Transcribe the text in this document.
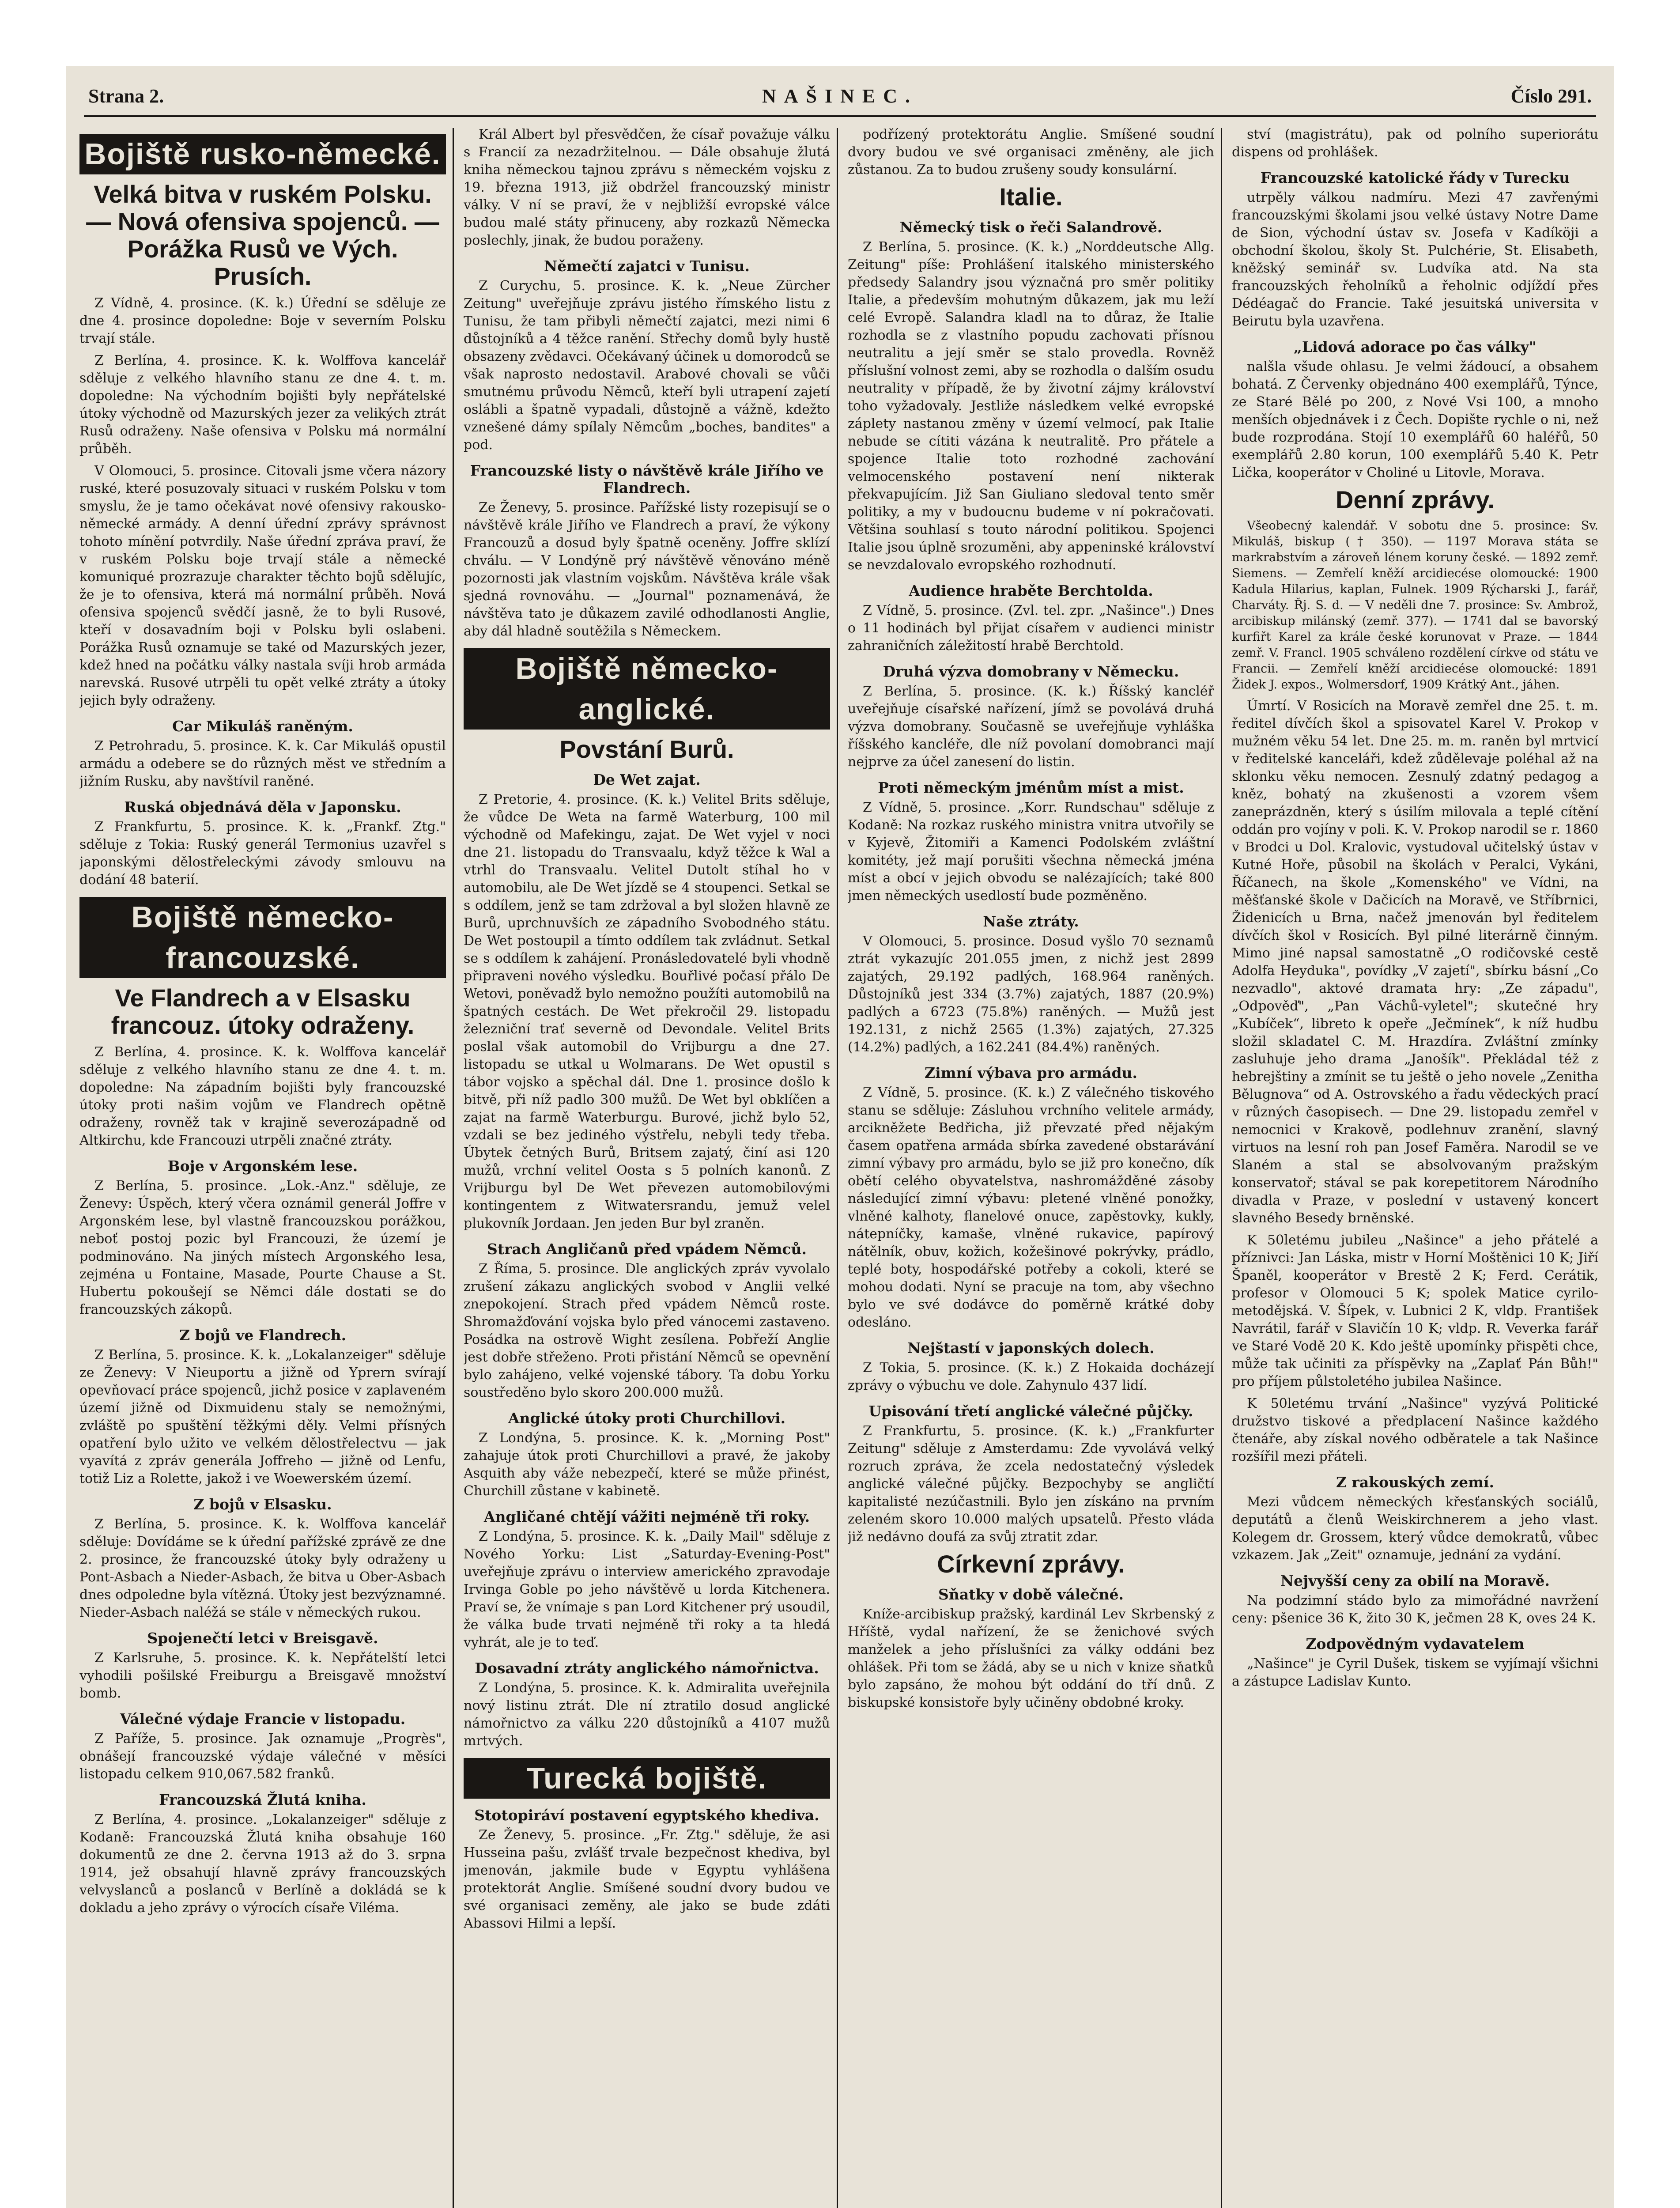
Strana 2.	NAŠINEC.	Číslo 291.
Bojiště rusko-německé.
Velká bitva v ruském Polsku. — Nová ofensiva spojenců. — Porážka Rusů ve Vých. Prusích.

Z Vídně, 4. prosince. (K. k.) Úřední se sděluje ze dne 4. prosince dopoledne: Boje v severním Polsku trvají stále.

Z Berlína, 4. prosince. K. k. Wolffova kancelář sděluje z velkého hlavního stanu ze dne 4. t. m. dopoledne: Na východním bojišti byly nepřátelské útoky východně od Mazurských jezer za velikých ztrát Rusů odraženy. Naše ofensiva v Polsku má normální průběh.

V Olomouci, 5. prosince. Citovali jsme včera názory ruské, které posuzovaly situaci v ruském Polsku v tom smyslu, že je tamo očekávat nové ofensivy rakousko-německé armády. A denní úřední zprávy správnost tohoto mínění potvrdily. Naše úřední zpráva praví, že v ruském Polsku boje trvají stále a německé komuniqué prozrazuje charakter těchto bojů sdělujíc, že je to ofensiva, která má normální průběh. Nová ofensiva spojenců svědčí jasně, že to byli Rusové, kteří v dosavadním boji v Polsku byli oslabeni. Porážka Rusů oznamuje se také od Mazurských jezer, kdež hned na počátku války nastala svíji hrob armáda narevská. Rusové utrpěli tu opět velké ztráty a útoky jejich byly odraženy.

Car Mikuláš raněným.

Z Petrohradu, 5. prosince. K. k. Car Mikuláš opustil armádu a odebere se do různých měst ve středním a jižním Rusku, aby navštívil raněné.

Ruská objednává děla v Japonsku.

Z Frankfurtu, 5. prosince. K. k. „Frankf. Ztg." sděluje z Tokia: Ruský generál Termonius uzavřel s japonskými dělostřeleckými závody smlouvu na dodání 48 baterií.

Bojiště německo-francouzské.
Ve Flandrech a v Elsasku francouz. útoky odraženy.

Z Berlína, 4. prosince. K. k. Wolffova kancelář sděluje z velkého hlavního stanu ze dne 4. t. m. dopoledne: Na západním bojišti byly francouzské útoky proti našim vojům ve Flandrech opětně odraženy, rovněž tak v krajině severozápadně od Altkirchu, kde Francouzi utrpěli značné ztráty.

Boje v Argonském lese.

Z Berlína, 5. prosince. „Lok.-Anz." sděluje, ze Ženevy: Úspěch, který včera oznámil generál Joffre v Argonském lese, byl vlastně francouzskou porážkou, neboť postoj pozic byl Francouzi, že území je podminováno. Na jiných místech Argonského lesa, zejména u Fontaine, Masade, Pourte Chause a St. Hubertu pokoušejí se Němci dále dostati se do francouzských zákopů.

Z bojů ve Flandrech.

Z Berlína, 5. prosince. K. k. „Lokalanzeiger" sděluje ze Ženevy: V Nieuportu a jižně od Yprern svírají opevňovací práce spojenců, jichž posice v zaplaveném území jižně od Dixmuidenu staly se nemožnými, zvláště po spuštění těžkými děly. Velmi přísných opatření bylo užito ve velkém dělostřelectvu — jak vyavítá z zpráv generála Joffreho — jižně od Lenfu, totiž Liz a Rolette, jakož i ve Woewerském území.

Z bojů v Elsasku.

Z Berlína, 5. prosince. K. k. Wolffova kancelář sděluje: Dovídáme se k úřední pařížské zprávě ze dne 2. prosince, že francouzské útoky byly odraženy u Pont-Asbach a Nieder-Asbach, že bitva u Ober-Asbach dnes odpoledne byla vítězná. Útoky jest bezvýznamné. Nieder-Asbach naléžá se stále v německých rukou.

Spojenečtí letci v Breisgavě.

Z Karlsruhe, 5. prosince. K. k. Nepřátelští letci vyhodili pošilské Freiburgu a Breisgavě množství bomb.

Válečné výdaje Francie v listopadu.

Z Paříže, 5. prosince. Jak oznamuje „Progrès", obnášejí francouzské výdaje válečné v měsíci listopadu celkem 910,067.582 franků.

Francouzská Žlutá kniha.

Z Berlína, 4. prosince. „Lokalanzeiger" sděluje z Kodaně: Francouzská Žlutá kniha obsahuje 160 dokumentů ze dne 2. června 1913 až do 3. srpna 1914, jež obsahují hlavně zprávy francouzských velvyslanců a poslanců v Berlíně a dokládá se k dokladu a jeho zprávy o výrocích císaře Viléma.

Král Albert byl přesvědčen, že císař považuje válku s Francií za nezadržitelnou. — Dále obsahuje žlutá kniha německou tajnou zprávu s německém vojsku z 19. března 1913, již obdržel francouzský ministr války. V ní se praví, že v nejbližší evropské válce budou malé státy přinuceny, aby rozkazů Německa poslechly, jinak, že budou poraženy.

Němečtí zajatci v Tunisu.

Z Curychu, 5. prosince. K. k. „Neue Zürcher Zeitung" uveřejňuje zprávu jistého římského listu z Tunisu, že tam přibyli němečtí zajatci, mezi nimi 6 důstojníků a 4 těžce ranění. Střechy domů byly hustě obsazeny zvědavci. Očekávaný účinek u domorodců se však naprosto nedostavil. Arabové chovali se vůči smutnému průvodu Němců, kteří byli utrapení zajetí oslábli a špatně vypadali, důstojně a vážně, kdežto vznešené dámy spílaly Němcům „boches, bandites" a pod.

Francouzské listy o návštěvě krále Jiřího ve Flandrech.

Ze Ženevy, 5. prosince. Pařížské listy rozepisují se o návštěvě krále Jiřího ve Flandrech a praví, že výkony Francouzů a dosud byly špatně oceněny. Joffre sklízí chválu. — V Londýně prý návštěvě věnováno méně pozornosti jak vlastním vojskům. Návštěva krále však sjedná rovnováhu. — „Journal" poznamenává, že návštěva tato je důkazem zavilé odhodlanosti Anglie, aby dál hladně soutěžila s Německem.

Bojiště německo-anglické.
Povstání Burů.
De Wet zajat.

Z Pretorie, 4. prosince. (K. k.) Velitel Brits sděluje, že vůdce De Weta na farmě Waterburg, 100 mil východně od Mafekingu, zajat. De Wet vyjel v noci dne 21. listopadu do Transvaalu, když těžce k Wal a vtrhl do Transvaalu. Velitel Dutolt stíhal ho v automobilu, ale De Wet jízdě se 4 stoupenci. Setkal se s oddílem, jenž se tam zdržoval a byl složen hlavně ze Burů, uprchnuvších ze západního Svobodného státu. De Wet postoupil a tímto oddílem tak zvládnut. Setkal se s oddílem k zahájení. Pronásledovatelé byli vhodně připraveni nového výsledku. Bouřlivé počasí přálo De Wetovi, poněvadž bylo nemožno použíti automobilů na špatných cestách. De Wet překročil 29. listopadu železniční trať severně od Devondale. Velitel Brits poslal však automobil do Vrijburgu a dne 27. listopadu se utkal u Wolmarans. De Wet opustil s tábor vojsko a spěchal dál. Dne 1. prosince došlo k bitvě, při níž padlo 300 mužů. De Wet byl obklíčen a zajat na farmě Waterburgu. Burové, jichž bylo 52, vzdali se bez jediného výstřelu, nebyli tedy třeba. Úbytek četných Burů, Britsem zajatý, činí asi 120 mužů, vrchní velitel Oosta s 5 polních kanonů. Z Vrijburgu byl De Wet převezen automobilovými kontingentem z Witwatersrandu, jemuž velel plukovník Jordaan. Jen jeden Bur byl zraněn.

Strach Angličanů před vpádem Němců.

Z Říma, 5. prosince. Dle anglických zpráv vyvolalo zrušení zákazu anglických svobod v Anglii velké znepokojení. Strach před vpádem Němců roste. Shromažďování vojska bylo před vánocemi zastaveno. Posádka na ostrově Wight zesílena. Pobřeží Anglie jest dobře střeženo. Proti přistání Němců se opevnění bylo zahájeno, velké vojenské tábory. Ta dobu Yorku soustředěno bylo skoro 200.000 mužů.

Anglické útoky proti Churchillovi.

Z Londýna, 5. prosince. K. k. „Morning Post" zahajuje útok proti Churchillovi a pravé, že jakoby Asquith aby váže nebezpečí, které se může přinést, Churchill zůstane v kabinetě.

Angličané chtějí vážiti nejméně tři roky.

Z Londýna, 5. prosince. K. k. „Daily Mail" sděluje z Nového Yorku: List „Saturday-Evening-Post" uveřejňuje zprávu o interview amerického zpravodaje Irvinga Goble po jeho návštěvě u lorda Kitchenera. Praví se, že vnímaje s pan Lord Kitchener prý usoudil, že válka bude trvati nejméně tři roky a ta hledá vyhrát, ale je to teď.

Dosavadní ztráty anglického námořnictva.

Z Londýna, 5. prosince. K. k. Admiralita uveřejnila nový listinu ztrát. Dle ní ztratilo dosud anglické námořnictvo za válku 220 důstojníků a 4107 mužů mrtvých.

Turecká bojiště.
Stotopiráví postavení egyptského khediva.

Ze Ženevy, 5. prosince. „Fr. Ztg." sděluje, že asi Husseina pašu, zvlášť trvale bezpečnost khediva, byl jmenován, jakmile bude v Egyptu vyhlášena protektorát Anglie. Smíšené soudní dvory budou ve své organisaci zeměny, ale jako se bude zdáti Abassovi Hilmi a lepší.

podřízený protektorátu Anglie. Smíšené soudní dvory budou ve své organisaci změněny, ale jich zůstanou. Za to budou zrušeny soudy konsulární.

Italie.
Německý tisk o řeči Salandrově.

Z Berlína, 5. prosince. (K. k.) „Norddeutsche Allg. Zeitung" píše: Prohlášení italského ministerského předsedy Salandry jsou význačná pro směr politiky Italie, a především mohutným důkazem, jak mu leží celé Evropě. Salandra kladl na to důraz, že Italie rozhodla se z vlastního popudu zachovati přísnou neutralitu a její směr se stalo provedla. Rovněž příslušní volnost zemi, aby se rozhodla o dalším osudu neutrality v případě, že by životní zájmy království toho vyžadovaly. Jestliže následkem velké evropské záplety nastanou změny v území velmocí, pak Italie nebude se cítiti vázána k neutralitě. Pro přátele a spojence Italie toto rozhodné zachování velmocenského postavení není nikterak překvapujícím. Již San Giuliano sledoval tento směr politiky, a my v budoucnu budeme v ní pokračovati. Většina souhlasí s touto národní politikou. Spojenci Italie jsou úplně srozuměni, aby appeninské království se nevzdalovalo evropského rozhodnutí.

Audience hraběte Berchtolda.

Z Vídně, 5. prosince. (Zvl. tel. zpr. „Našince".) Dnes o 11 hodinách byl přijat císařem v audienci ministr zahraničních záležitostí hrabě Berchtold.

Druhá výzva domobrany v Německu.

Z Berlína, 5. prosince. (K. k.) Říšský kancléř uveřejňuje císařské nařízení, jímž se povolává druhá výzva domobrany. Současně se uveřejňuje vyhláška říšského kancléře, dle níž povolaní domobranci mají nejprve za účel zanesení do listin.

Proti německým jménům míst a mist.

Z Vídně, 5. prosince. „Korr. Rundschau" sděluje z Kodaně: Na rozkaz ruského ministra vnitra utvořily se v Kyjevě, Žitomiři a Kamenci Podolském zvláštní komitéty, jež mají porušiti všechna německá jména míst a obcí v jejich obvodu se nalézajících; také 800 jmen německých usedlostí bude pozměněno.

Naše ztráty.

V Olomouci, 5. prosince. Dosud vyšlo 70 seznamů ztrát vykazujíc 201.055 jmen, z nichž jest 2899 zajatých, 29.192 padlých, 168.964 raněných. Důstojníků jest 334 (3.7%) zajatých, 1887 (20.9%) padlých a 6723 (75.8%) raněných. — Mužů jest 192.131, z nichž 2565 (1.3%) zajatých, 27.325 (14.2%) padlých, a 162.241 (84.4%) raněných.

Zimní výbava pro armádu.

Z Vídně, 5. prosince. (K. k.) Z válečného tiskového stanu se sděluje: Zásluhou vrchního velitele armády, arcikněžete Bedřicha, již převzaté před nějakým časem opatřena armáda sbírka zavedené obstarávání zimní výbavy pro armádu, bylo se již pro konečno, dík obětí celého obyvatelstva, nashromážděné zásoby následující zimní výbavu: pletené vlněné ponožky, vlněné kalhoty, flanelové onuce, zapěstovky, kukly, nátepníčky, kamaše, vlněné rukavice, papírový nátělník, obuv, kožich, kožešinové pokrývky, prádlo, teplé boty, hospodářské potřeby a cokoli, které se mohou dodati. Nyní se pracuje na tom, aby všechno bylo ve své dodávce do poměrně krátké doby odesláno.

Nejštastí v japonských dolech.

Z Tokia, 5. prosince. (K. k.) Z Hokaida docházejí zprávy o výbuchu ve dole. Zahynulo 437 lidí.

Upisování třetí anglické válečné půjčky.

Z Frankfurtu, 5. prosince. (K. k.) „Frankfurter Zeitung" sděluje z Amsterdamu: Zde vyvolává velký rozruch zpráva, že zcela nedostatečný výsledek anglické válečné půjčky. Bezpochyby se angličtí kapitalisté nezúčastnili. Bylo jen získáno na prvním zeleném skoro 10.000 malých upsatelů. Přesto vláda již nedávno doufá za svůj ztratit zdar.

Církevní zprávy.
Sňatky v době válečné.

Kníže-arcibiskup pražský, kardinál Lev Skrbenský z Hříště, vydal nařízení, že se ženichové svých manželek a jeho příslušníci za války oddáni bez ohlášek. Při tom se žádá, aby se u nich v knize sňatků bylo zapsáno, že mohou být oddání do tří dnů. Z biskupské konsistoře byly učiněny obdobné kroky.

ství (magistrátu), pak od polního superiorátu dispens od prohlášek.

Francouzské katolické řády v Turecku

utrpěly válkou nadmíru. Mezi 47 zavřenými francouzskými školami jsou velké ústavy Notre Dame de Sion, východní ústav sv. Josefa v Kadíköji a obchodní školou, školy St. Pulchérie, St. Elisabeth, kněžský seminář sv. Ludvíka atd. Na sta francouzských řeholníků a řeholnic odjíždí přes Dédéagač do Francie. Také jesuitská universita v Beirutu byla uzavřena.

„Lidová adorace po čas války"

nalšla všude ohlasu. Je velmi žádoucí, a obsahem bohatá. Z Červenky objednáno 400 exemplářů, Týnce, ze Staré Bělé po 200, z Nové Vsi 100, a mnoho menších objednávek i z Čech. Dopište rychle o ni, než bude rozprodána. Stojí 10 exemplářů 60 haléřů, 50 exemplářů 2.80 korun, 100 exemplářů 5.40 K. Petr Lička, kooperátor v Choliné u Litovle, Morava.

Denní zprávy.

Všeobecný kalendář. V sobotu dne 5. prosince: Sv. Mikuláš, biskup († 350). — 1197 Morava státa se markrabstvím a zároveň lénem koruny české. — 1892 zemř. Siemens. — Zemřelí kněží arcidiecése olomoucké: 1900 Kadula Hilarius, kaplan, Fulnek. 1909 Rýcharski J., farář, Charváty. Řj. S. d. — V neděli dne 7. prosince: Sv. Ambrož, arcibiskup milánský (zemř. 377). — 1741 dal se bavorský kurfiřt Karel za krále české korunovat v Praze. — 1844 zemř. V. Francl. 1905 schváleno rozdělení církve od státu ve Francii. — Zemřelí kněží arcidiecése olomoucké: 1891 Židek J. expos., Wolmersdorf, 1909 Krátký Ant., jáhen.

Úmrtí. V Rosicích na Moravě zemřel dne 25. t. m. ředitel dívčích škol a spisovatel Karel V. Prokop v mužném věku 54 let. Dne 25. m. m. raněn byl mrtvicí v ředitelské kanceláři, kdež zůdělevaje poléhal až na sklonku věku nemocen. Zesnulý zdatný pedagog a kněz, bohatý na zkušenosti a vzorem všem zaneprázdněn, který s úsilím milovala a teplé cítění oddán pro vojíny v poli. K. V. Prokop narodil se r. 1860 v Brodci u Dol. Kralovic, vystudoval učitelský ústav v Kutné Hoře, působil na školách v Peralci, Vykáni, Říčanech, na škole „Komenského" ve Vídni, na měšťanské škole v Dačicích na Moravě, ve Stříbrnici, Židenicích u Brna, načež jmenován byl ředitelem dívčích škol v Rosicích. Byl pilné literárně činným. Mimo jiné napsal samostatně „O rodičovské cestě Adolfa Heyduka", povídky „V zajetí", sbírku básní „Co nezvadlo", aktové dramata hry: „Ze západu", „Odpověď", „Pan Váchů-vyletel"; skutečné hry „Kubíček“, libreto k opeře „Ječmínek“, k níž hudbu složil skladatel C. M. Hrazdíra. Zvláštní zmínky zasluhuje jeho drama „Janošík". Překládal též z hebrejštiny a zmínit se tu ještě o jeho novele „Zenitha Bělugnova“ od A. Ostrovského a řadu vědeckých prací v různých časopisech. — Dne 29. listopadu zemřel v nemocnici v Krakově, podlehnuv zranění, slavný virtuos na lesní roh pan Josef Faměra. Narodil se ve Slaném a stal se absolvovaným pražským konservatoř; stával se pak korepetitorem Národního divadla v Praze, v poslední v ustavený koncert slavného Besedy brněnské.

K 50letému jubileu „Našince" a jeho přátelé a příznivci: Jan Láska, mistr v Horní Moštěnici 10 K; Jiří Španěl, kooperátor v Brestě 2 K; Ferd. Cerátik, profesor v Olomouci 5 K; spolek Matice cyrilo-metodějská. V. Šípek, v. Lubnici 2 K, vldp. František Navrátil, farář v Slavičín 10 K; vldp. R. Veverka farář ve Staré Vodě 20 K. Kdo ještě upomínky přispěti chce, může tak učiniti za příspěvky na „Zaplať Pán Bůh!" pro příjem půlstoletého jubilea Našince.

K 50letému trvání „Našince" vyzývá Politické družstvo tiskové a předplacení Našince každého čtenáře, aby získal nového odběratele a tak Našince rozšířil mezi přáteli.

Z rakouských zemí.

Mezi vůdcem německých křesťanských sociálů, deputátů a členů Weiskirchnerem a jeho vlast. Kolegem dr. Grossem, který vůdce demokratů, vůbec vzkazem. Jak „Zeit" oznamuje, jednání za vydání.

Nejvyšší ceny za obilí na Moravě.

Na podzimní stádo bylo za mimořádné navržení ceny: pšenice 36 K, žito 30 K, ječmen 28 K, oves 24 K.

Zodpovědným vydavatelem

„Našince" je Cyril Dušek, tiskem se vyjímají všichni a zástupce Ladislav Kunto.
